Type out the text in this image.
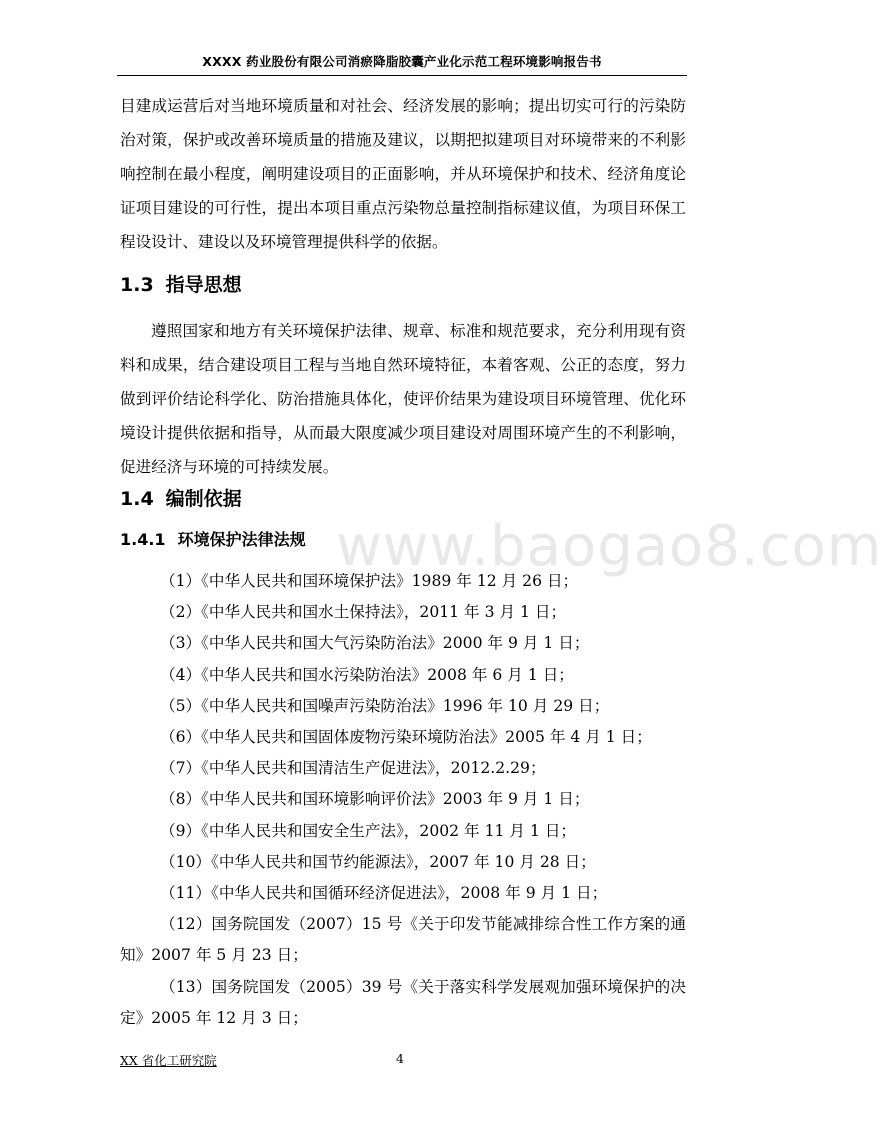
XXXX 药业股份有限公司消瘀降脂胶囊产业化示范工程环境影响报告书

目建成运营后对当地环境质量和对社会、经济发展的影响；提出切实可行的污染防治对策，保护或改善环境质量的措施及建议，以期把拟建项目对环境带来的不利影响控制在最小程度，阐明建设项目的正面影响，并从环境保护和技术、经济角度论证项目建设的可行性，提出本项目重点污染物总量控制指标建议值，为项目环保工程设设计、建设以及环境管理提供科学的依据。

1.3 指导思想

遵照国家和地方有关环境保护法律、规章、标准和规范要求，充分利用现有资料和成果，结合建设项目工程与当地自然环境特征，本着客观、公正的态度，努力做到评价结论科学化、防治措施具体化，使评价结果为建设项目环境管理、优化环境设计提供依据和指导，从而最大限度减少项目建设对周围环境产生的不利影响，促进经济与环境的可持续发展。

1.4 编制依据
1.4.1 环境保护法律法规 www.baogao8.com
（1）《中华人民共和国环境保护法》1989 年 12 月 26 日；
（2）《中华人民共和国水土保持法》，2011 年 3 月 1 日；
（3）《中华人民共和国大气污染防治法》2000 年 9 月 1 日；
（4）《中华人民共和国水污染防治法》2008 年 6 月 1 日；
（5）《中华人民共和国噪声污染防治法》1996 年 10 月 29 日；
（6）《中华人民共和国固体废物污染环境防治法》2005 年 4 月 1 日；
（7）《中华人民共和国清洁生产促进法》，2012.2.29；
（8）《中华人民共和国环境影响评价法》2003 年 9 月 1 日；
（9）《中华人民共和国安全生产法》，2002 年 11 月 1 日；
（10）《中华人民共和国节约能源法》，2007 年 10 月 28 日；
（11）《中华人民共和国循环经济促进法》，2008 年 9 月 1 日；
（12）国务院国发（2007）15 号《关于印发节能减排综合性工作方案的通知》2007 年 5 月 23 日；
（13）国务院国发（2005）39 号《关于落实科学发展观加强环境保护的决定》2005 年 12 月 3 日；
XX 省化工研究院	4
